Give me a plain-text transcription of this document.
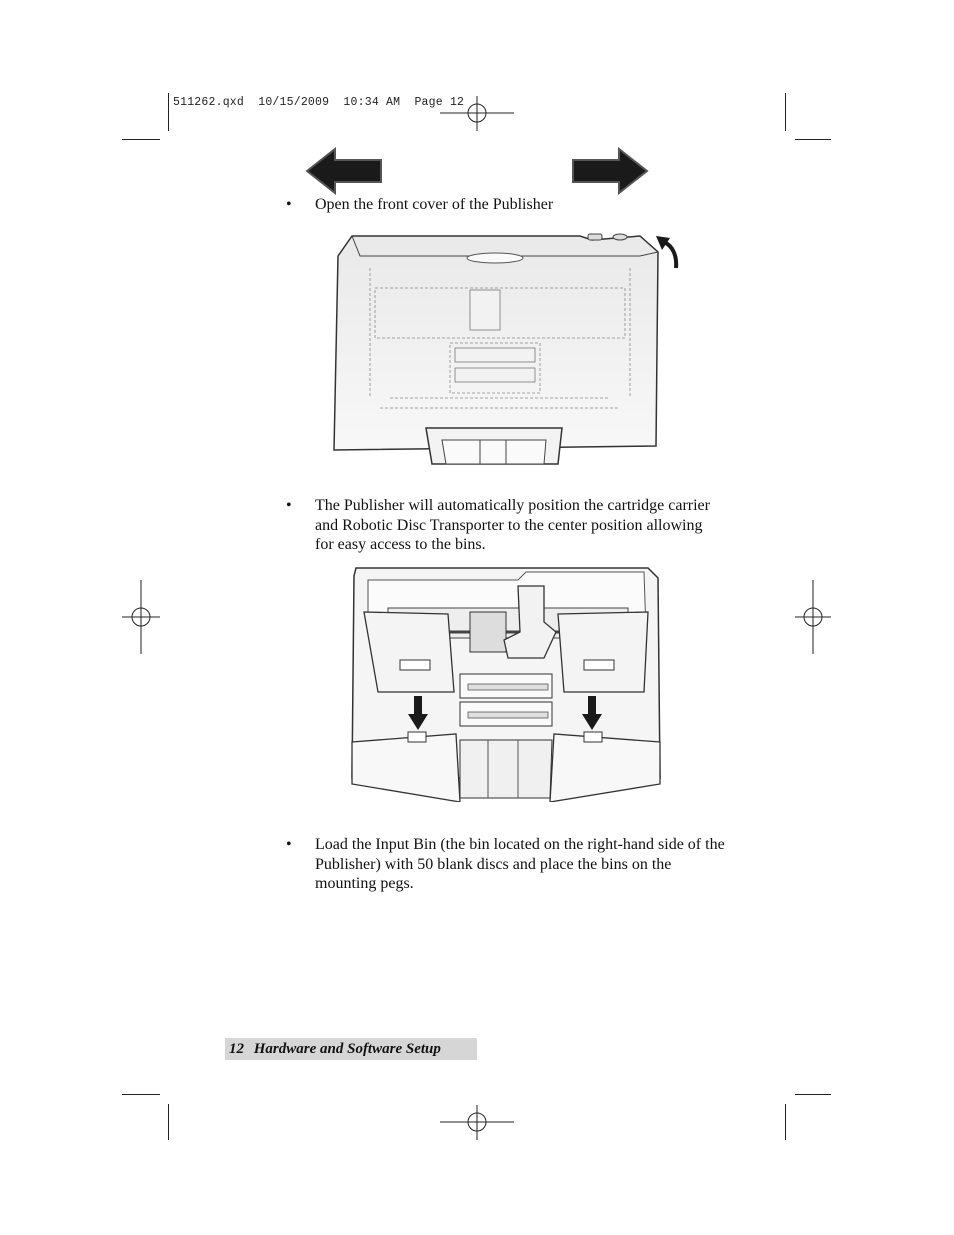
511262.qxd  10/15/2009  10:34 AM  Page 12
• Open the front cover of the Publisher
• The Publisher will automatically position the cartridge carrier and Robotic Disc Transporter to the center position allowing for easy access to the bins.
• Load the Input Bin (the bin located on the right-hand side of the Publisher) with 50 blank discs and place the bins on the mounting pegs.
12 Hardware and Software Setup
